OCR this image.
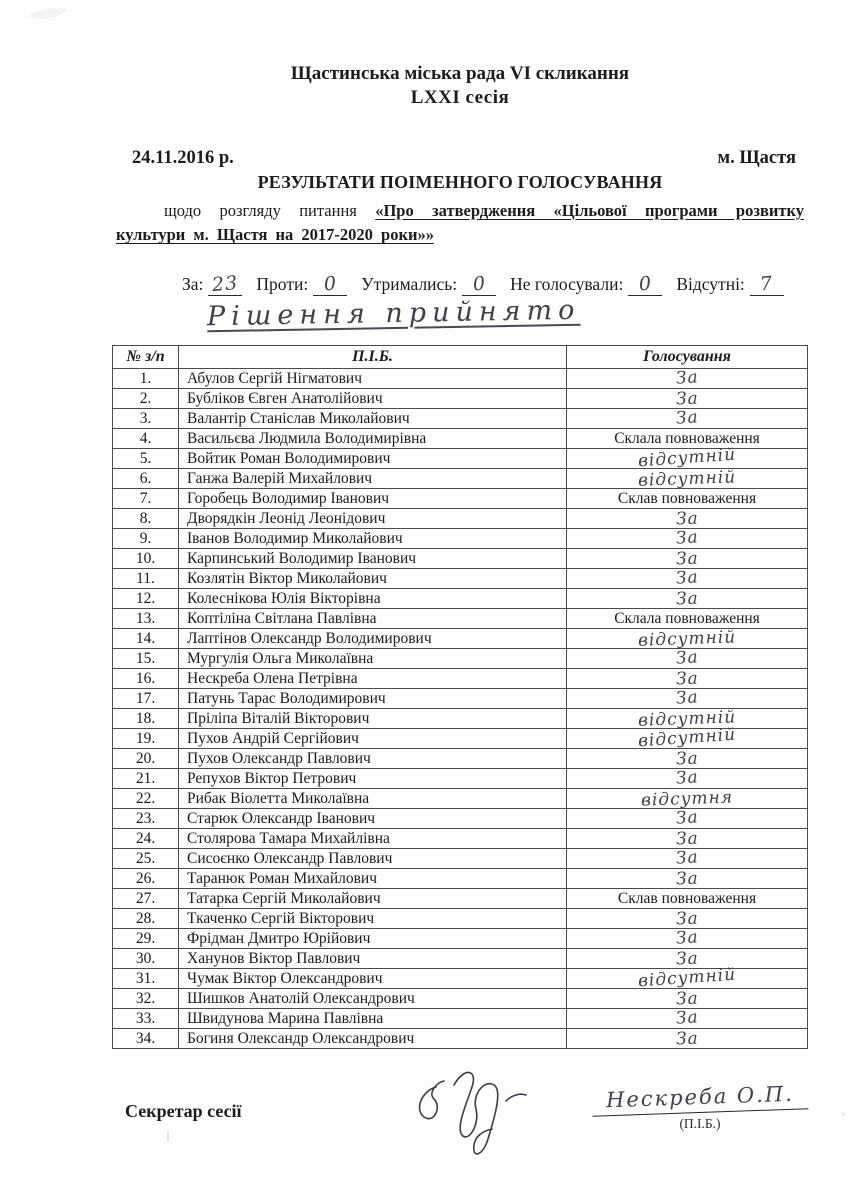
Щастинська міська рада VI скликання
LXXI сесія
24.11.2016 р.	м. Щастя
РЕЗУЛЬТАТИ ПОІМЕННОГО ГОЛОСУВАННЯ

щодо розгляду питання «Про затвердження «Цільової програми розвитку культури м. Щастя на 2017-2020 роки»»

За: 23 Проти: 0	Утримались: 0	Не голосували: 0	Відсутні: 7
Рішення прийнято
№ з/п	П.І.Б.	Голосування
1.	Абулов Сергій Нігматович	За
2.	Бубліков Євген Анатолійович	За
3.	Валантір Станіслав Миколайович	За
4.	Васильєва Людмила Володимирівна	Склала повноваження
5.	Войтик Роман Володимирович	відсутній
6.	Ганжа Валерій Михайлович	відсутній
7.	Горобець Володимир Іванович	Склав повноваження
8.	Дворядкін Леонід Леонідович	За
9.	Іванов Володимир Миколайович	За
10.	Карпинський Володимир Іванович	За
11.	Козлятін Віктор Миколайович	За
12.	Колеснікова Юлія Вікторівна	За
13.	Коптіліна Світлана Павлівна	Склала повноваження
14.	Лаптінов Олександр Володимирович	відсутній
15.	Мургулія Ольга Миколаївна	За
16.	Нескреба Олена Петрівна	За
17.	Патунь Тарас Володимирович	За
18.	Пріліпа Віталій Вікторович	відсутній
19.	Пухов Андрій Сергійович	відсутній
20.	Пухов Олександр Павлович	За
21.	Репухов Віктор Петрович	За
22.	Рибак Віолетта Миколаївна	відсутня
23.	Старюк Олександр Іванович	За
24.	Столярова Тамара Михайлівна	За
25.	Сисоєнко Олександр Павлович	За
26.	Таранюк Роман Михайлович	За
27.	Татарка Сергій Миколайович	Склав повноваження
28.	Ткаченко Сергій Вікторович	За
29.	Фрідман Дмитро Юрійович	За
30.	Ханунов Віктор Павлович	За
31.	Чумак Віктор Олександрович	відсутній
32.	Шишков Анатолій Олександрович	За
33.	Швидунова Марина Павлівна	За
34.	Богиня Олександр Олександрович	За
Секретар сесії	Нескреба О.П.
(П.І.Б.)
